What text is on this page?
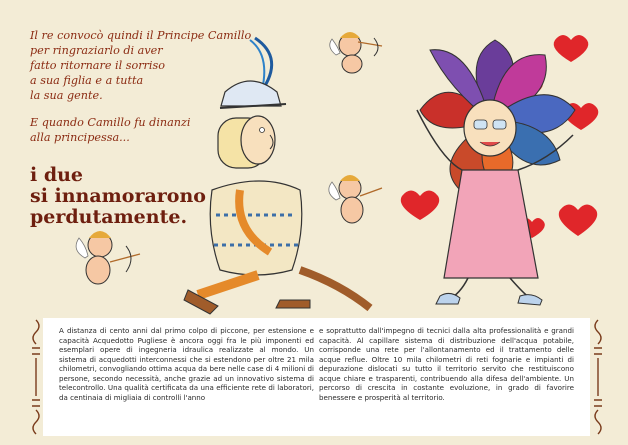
Il re convocò quindi il Principe Camillo
per ringraziarlo di aver
fatto ritornare il sorriso
a sua figlia e a tutta
la sua gente.

E quando Camillo fu dinanzi
alla principessa...

i due
si innamorarono
perdutamente.
A distanza di cento anni dal primo colpo di piccone, per estensione e capacità Acquedotto Pugliese è ancora oggi fra le più imponenti ed esemplari opere di ingegneria idraulica realizzate al mondo. Un sistema di acquedotti interconnessi che si estendono per oltre 21 mila chilometri, convogliando ottima acqua da bere nelle case di 4 milioni di persone, secondo necessità, anche grazie ad un innovativo sistema di telecontrollo. Una qualità certificata da una efficiente rete di laboratori, da centinaia di migliaia di controlli l'anno
e soprattutto dall'impegno di tecnici dalla alta professionalità e grandi capacità. Al capillare sistema di distribuzione dell'acqua potabile, corrisponde una rete per l'allontanamento ed il trattamento delle acque reflue. Oltre 10 mila chilometri di reti fognarie e impianti di depurazione dislocati su tutto il territorio servito che restituiscono acque chiare e trasparenti, contribuendo alla difesa dell'ambiente. Un percorso di crescita in costante evoluzione, in grado di favorire benessere e prosperità al territorio.
